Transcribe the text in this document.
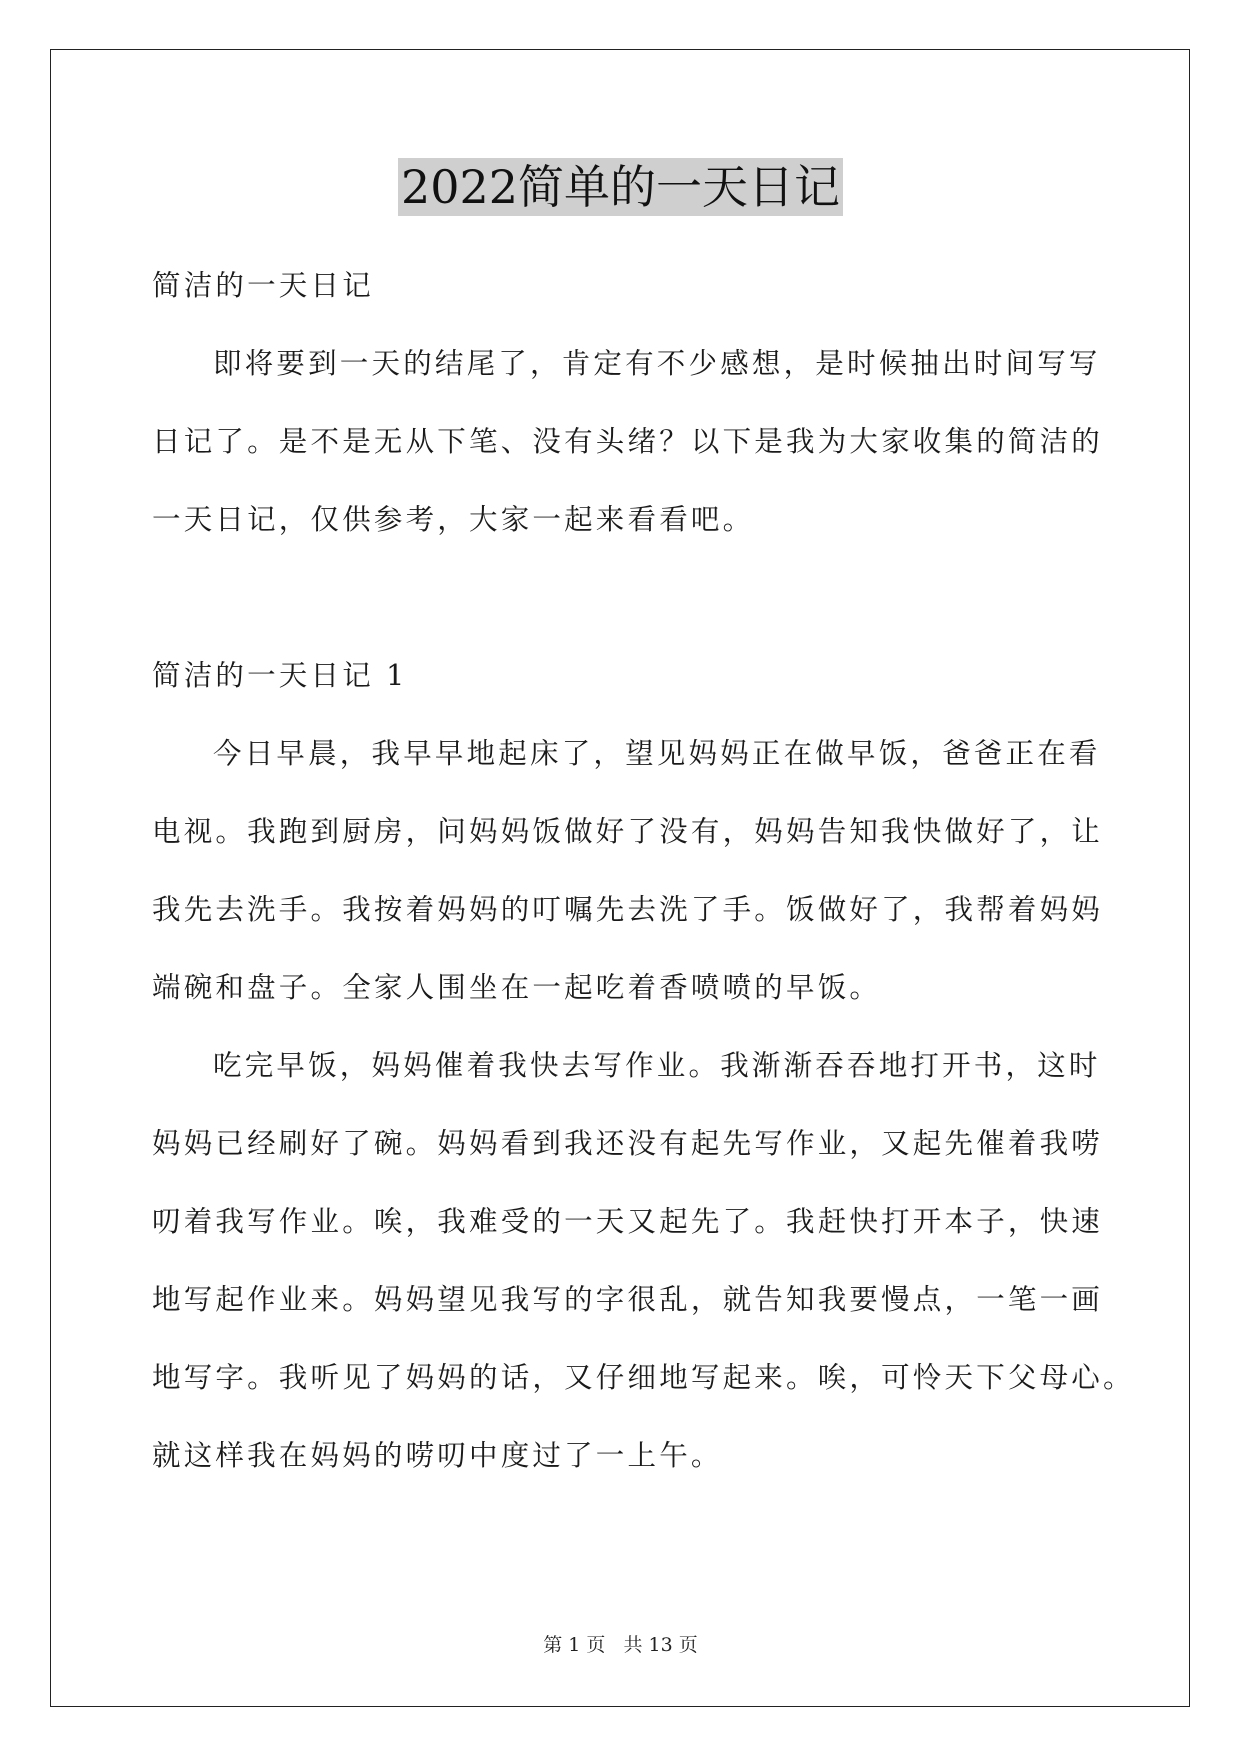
2022简单的一天日记
简洁的一天日记
即将要到一天的结尾了，肯定有不少感想，是时候抽出时间写写
日记了。是不是无从下笔、没有头绪？以下是我为大家收集的简洁的
一天日记，仅供参考，大家一起来看看吧。
简洁的一天日记 1
今日早晨，我早早地起床了，望见妈妈正在做早饭，爸爸正在看
电视。我跑到厨房，问妈妈饭做好了没有，妈妈告知我快做好了，让
我先去洗手。我按着妈妈的叮嘱先去洗了手。饭做好了，我帮着妈妈
端碗和盘子。全家人围坐在一起吃着香喷喷的早饭。
吃完早饭，妈妈催着我快去写作业。我渐渐吞吞地打开书，这时
妈妈已经刷好了碗。妈妈看到我还没有起先写作业，又起先催着我唠
叨着我写作业。唉，我难受的一天又起先了。我赶快打开本子，快速
地写起作业来。妈妈望见我写的字很乱，就告知我要慢点，一笔一画
地写字。我听见了妈妈的话，又仔细地写起来。唉，可怜天下父母心。
就这样我在妈妈的唠叨中度过了一上午。
第 1 页 共 13 页
